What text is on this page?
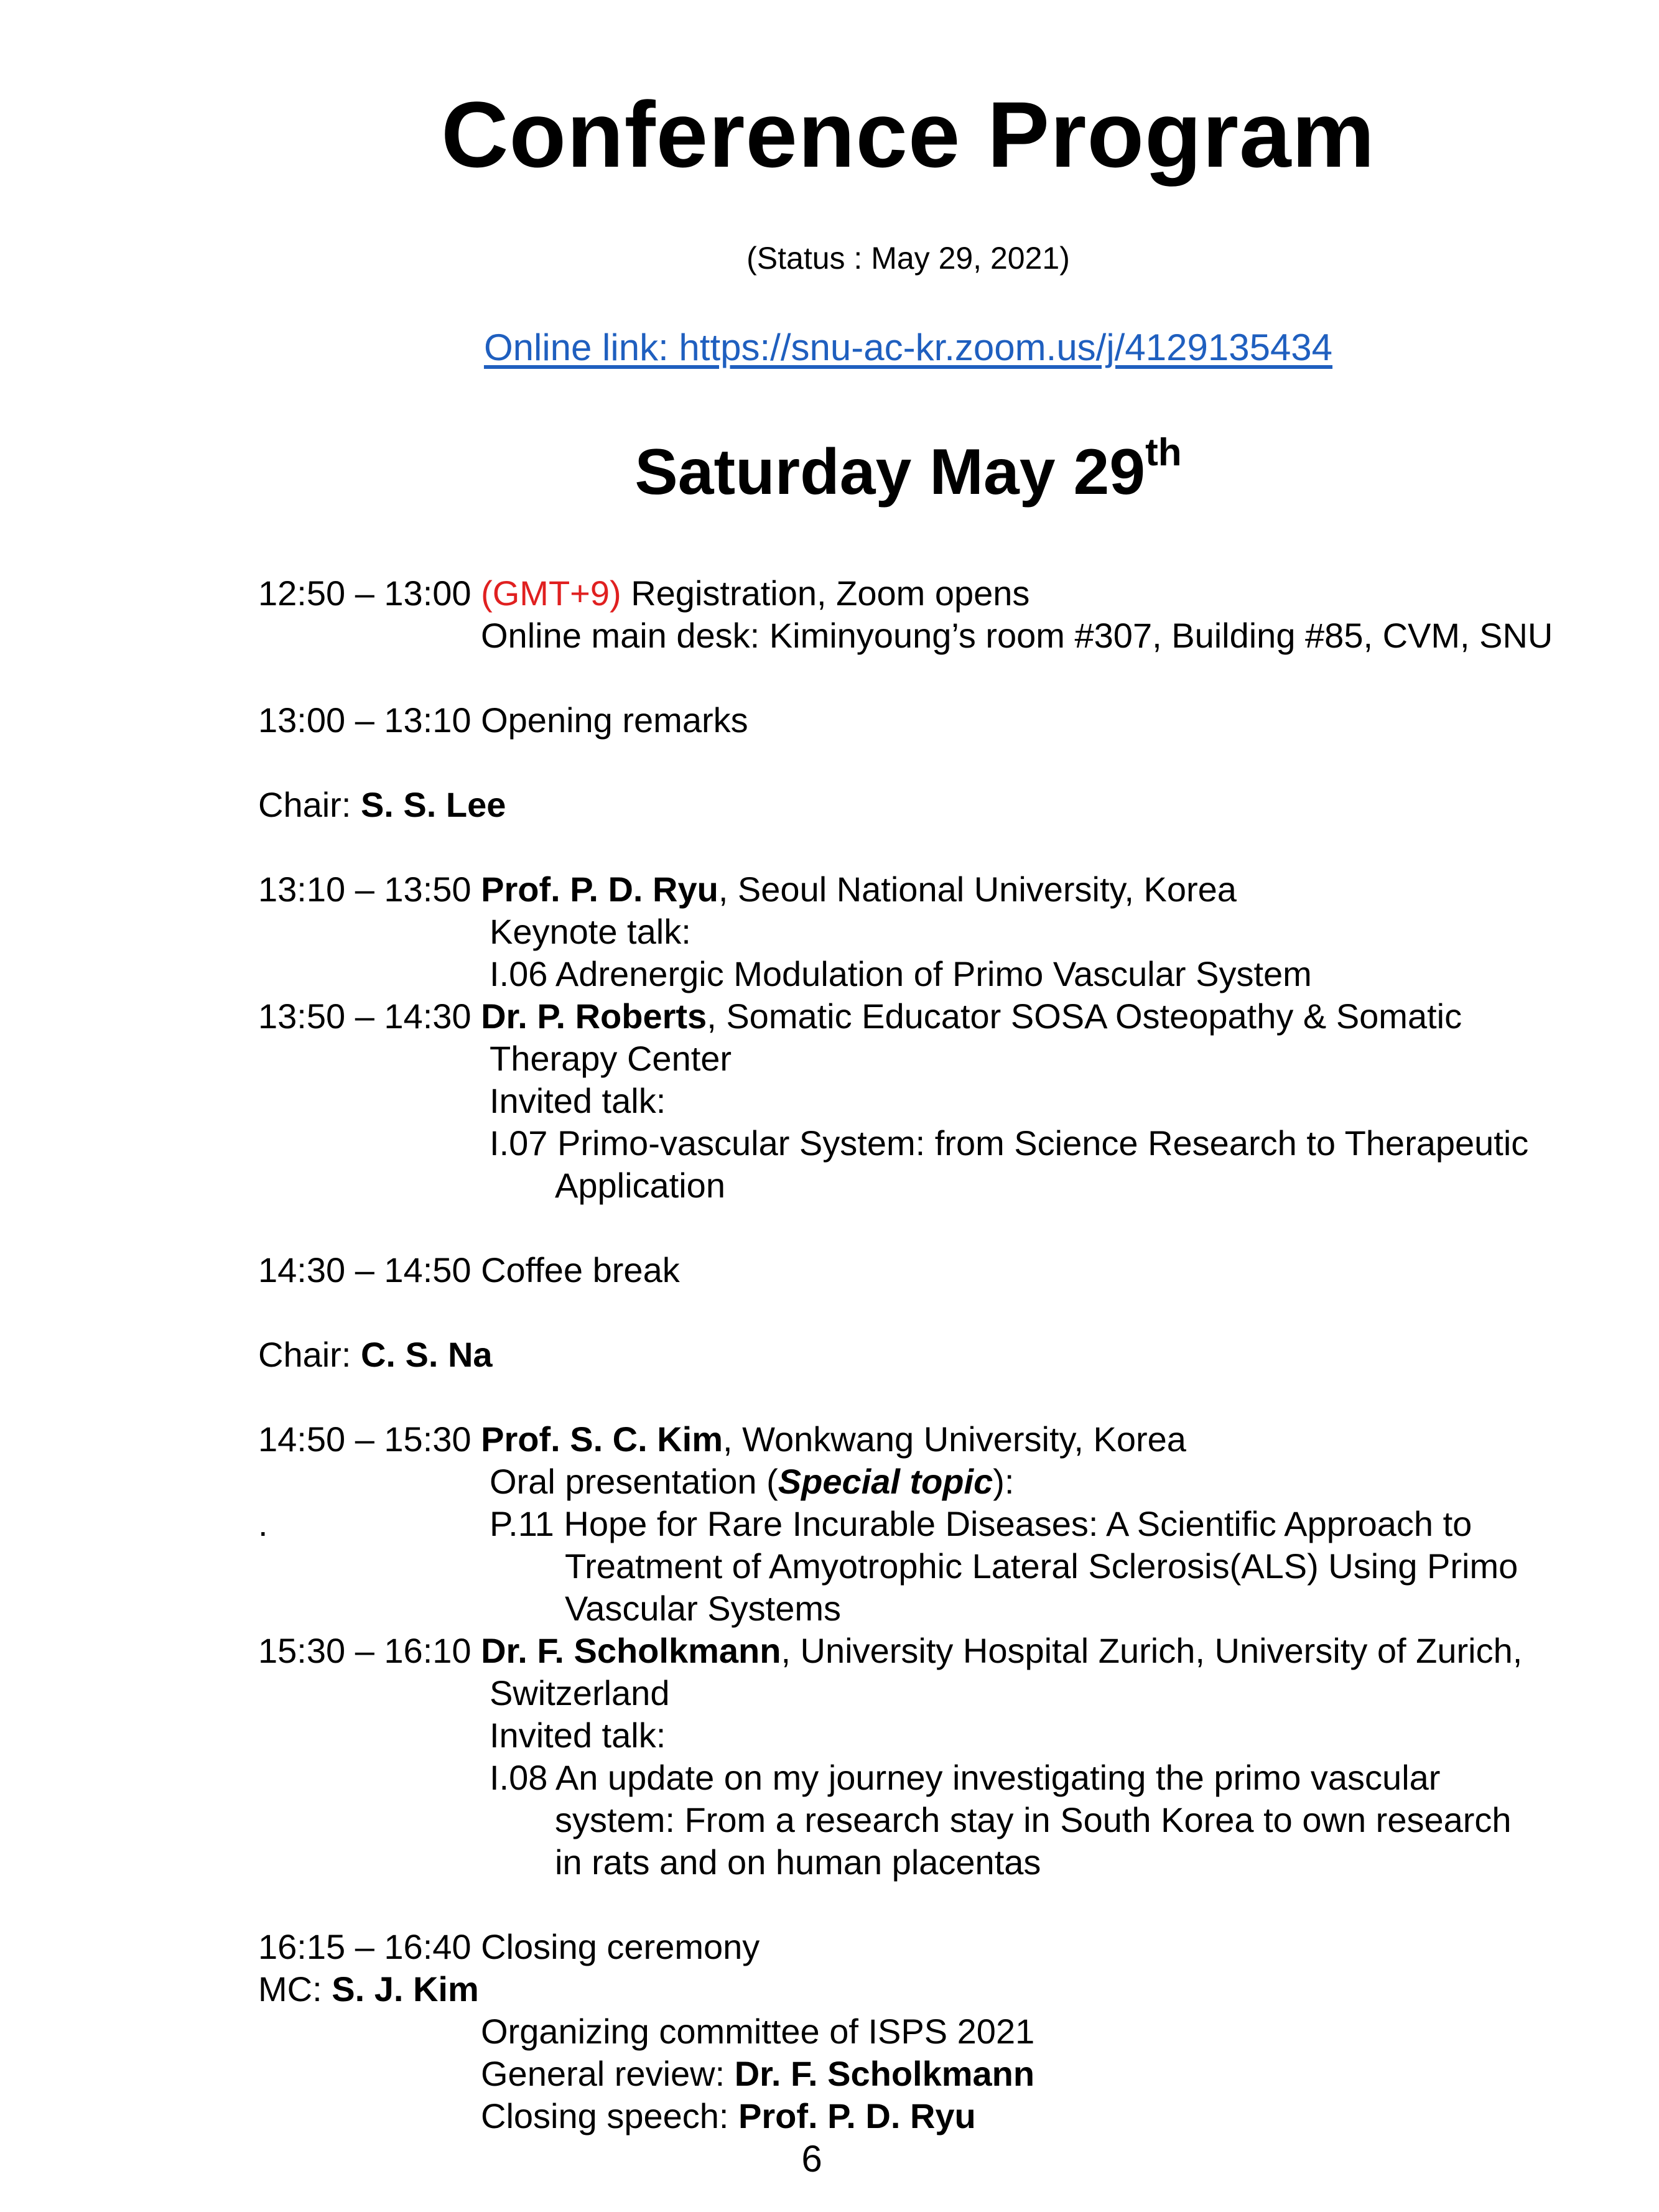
Conference Program
(Status : May 29, 2021)
Online link: https://snu-ac-kr.zoom.us/j/4129135434
Saturday May 29th
12:50 – 13:00 (GMT+9) Registration, Zoom opens
Online main desk: Kiminyoung’s room #307, Building #85, CVM, SNU
13:00 – 13:10 Opening remarks
Chair: S. S. Lee
13:10 – 13:50 Prof. P. D. Ryu, Seoul National University, Korea
Keynote talk:
I.06 Adrenergic Modulation of Primo Vascular System
13:50 – 14:30 Dr. P. Roberts, Somatic Educator SOSA Osteopathy & Somatic
Therapy Center
Invited talk:
I.07 Primo-vascular System: from Science Research to Therapeutic
Application
14:30 – 14:50 Coffee break
Chair: C. S. Na
14:50 – 15:30 Prof. S. C. Kim, Wonkwang University, Korea
Oral presentation (Special topic):
.	P.11 Hope for Rare Incurable Diseases: A Scientific Approach to
Treatment of Amyotrophic Lateral Sclerosis(ALS) Using Primo
Vascular Systems
15:30 – 16:10 Dr. F. Scholkmann, University Hospital Zurich, University of Zurich,
Switzerland
Invited talk:
I.08 An update on my journey investigating the primo vascular
system: From a research stay in South Korea to own research
in rats and on human placentas
16:15 – 16:40 Closing ceremony
MC: S. J. Kim
Organizing committee of ISPS 2021
General review: Dr. F. Scholkmann
Closing speech: Prof. P. D. Ryu
6
